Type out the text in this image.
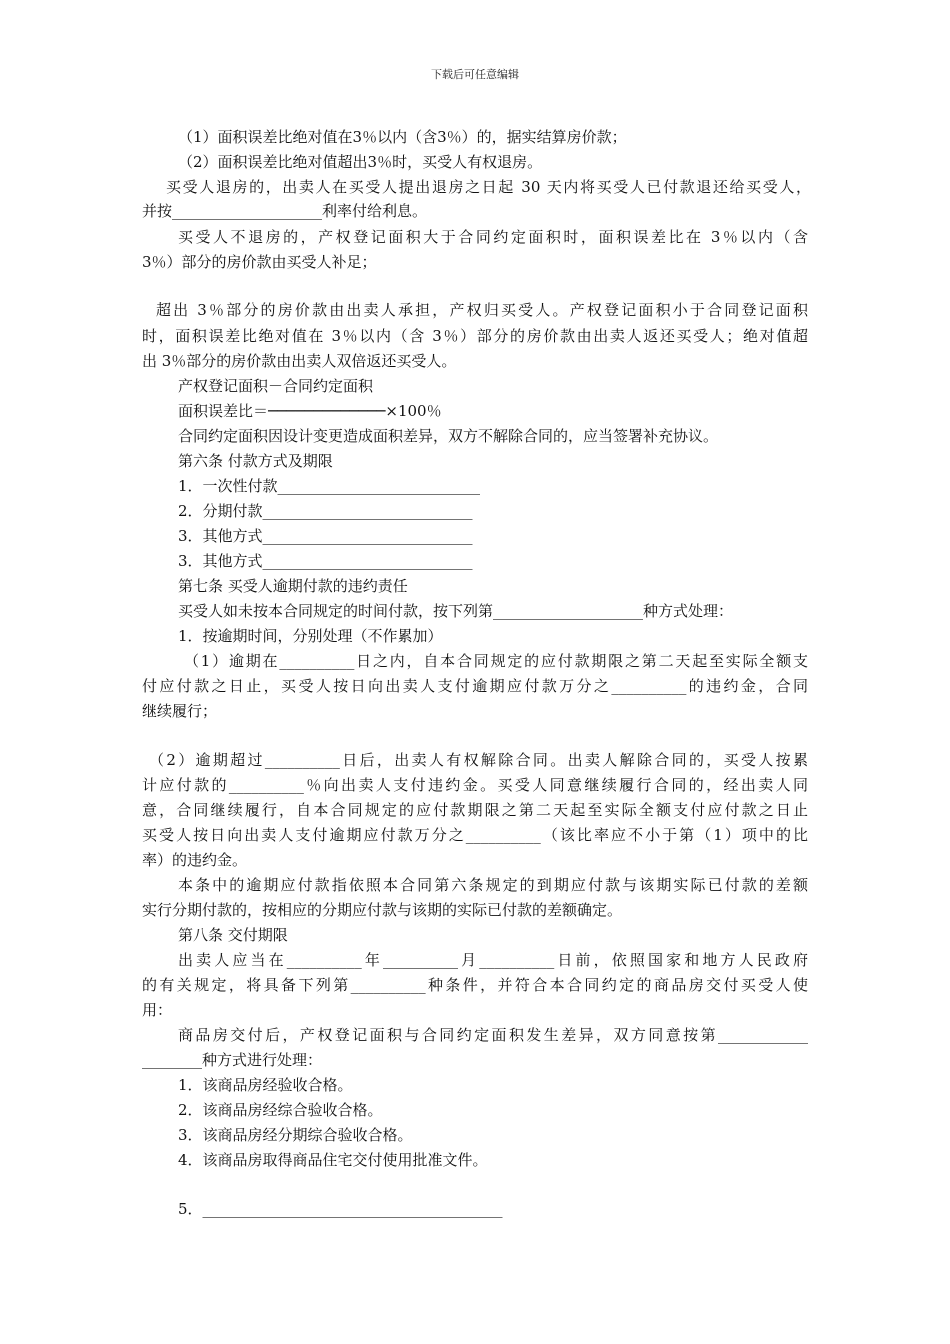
下载后可任意编辑
（1）面积误差比绝对值在3％以内（含3％）的，据实结算房价款；
（2）面积误差比绝对值超出3％时，买受人有权退房。
买受人退房的，出卖人在买受人提出退房之日起 30 天内将买受人已付款退还给买受人，
并按____________________利率付给利息。
买受人不退房的，产权登记面积大于合同约定面积时，面积误差比在 3％以内（含
3％）部分的房价款由买受人补足；
超出 3％部分的房价款由出卖人承担，产权归买受人。产权登记面积小于合同登记面积
时，面积误差比绝对值在 3％以内（含 3％）部分的房价款由出卖人返还买受人；绝对值超
出 3％部分的房价款由出卖人双倍返还买受人。
产权登记面积－合同约定面积
面积误差比＝─────────────×100％
合同约定面积因设计变更造成面积差异，双方不解除合同的，应当签署补充协议。
第六条 付款方式及期限
1．一次性付款___________________________
2．分期付款____________________________
3．其他方式____________________________
3．其他方式____________________________
第七条 买受人逾期付款的违约责任
买受人如未按本合同规定的时间付款，按下列第____________________种方式处理：
1．按逾期时间，分别处理（不作累加）
（1）逾期在__________日之内，自本合同规定的应付款期限之第二天起至实际全额支
付应付款之日止，买受人按日向出卖人支付逾期应付款万分之__________的违约金，合同
继续履行；
（2）逾期超过__________日后，出卖人有权解除合同。出卖人解除合同的，买受人按累
计应付款的__________％向出卖人支付违约金。买受人同意继续履行合同的，经出卖人同
意，合同继续履行，自本合同规定的应付款期限之第二天起至实际全额支付应付款之日止
买受人按日向出卖人支付逾期应付款万分之__________（该比率应不小于第（1）项中的比
率）的违约金。
本条中的逾期应付款指依照本合同第六条规定的到期应付款与该期实际已付款的差额
实行分期付款的，按相应的分期应付款与该期的实际已付款的差额确定。
第八条 交付期限
出卖人应当在__________年__________月__________日前，依照国家和地方人民政府
的有关规定，将具备下列第__________种条件，并符合本合同约定的商品房交付买受人使
用：
商品房交付后，产权登记面积与合同约定面积发生差异，双方同意按第____________
________种方式进行处理：
1．该商品房经验收合格。
2．该商品房经综合验收合格。
3．该商品房经分期综合验收合格。
4．该商品房取得商品住宅交付使用批准文件。
5．________________________________________
